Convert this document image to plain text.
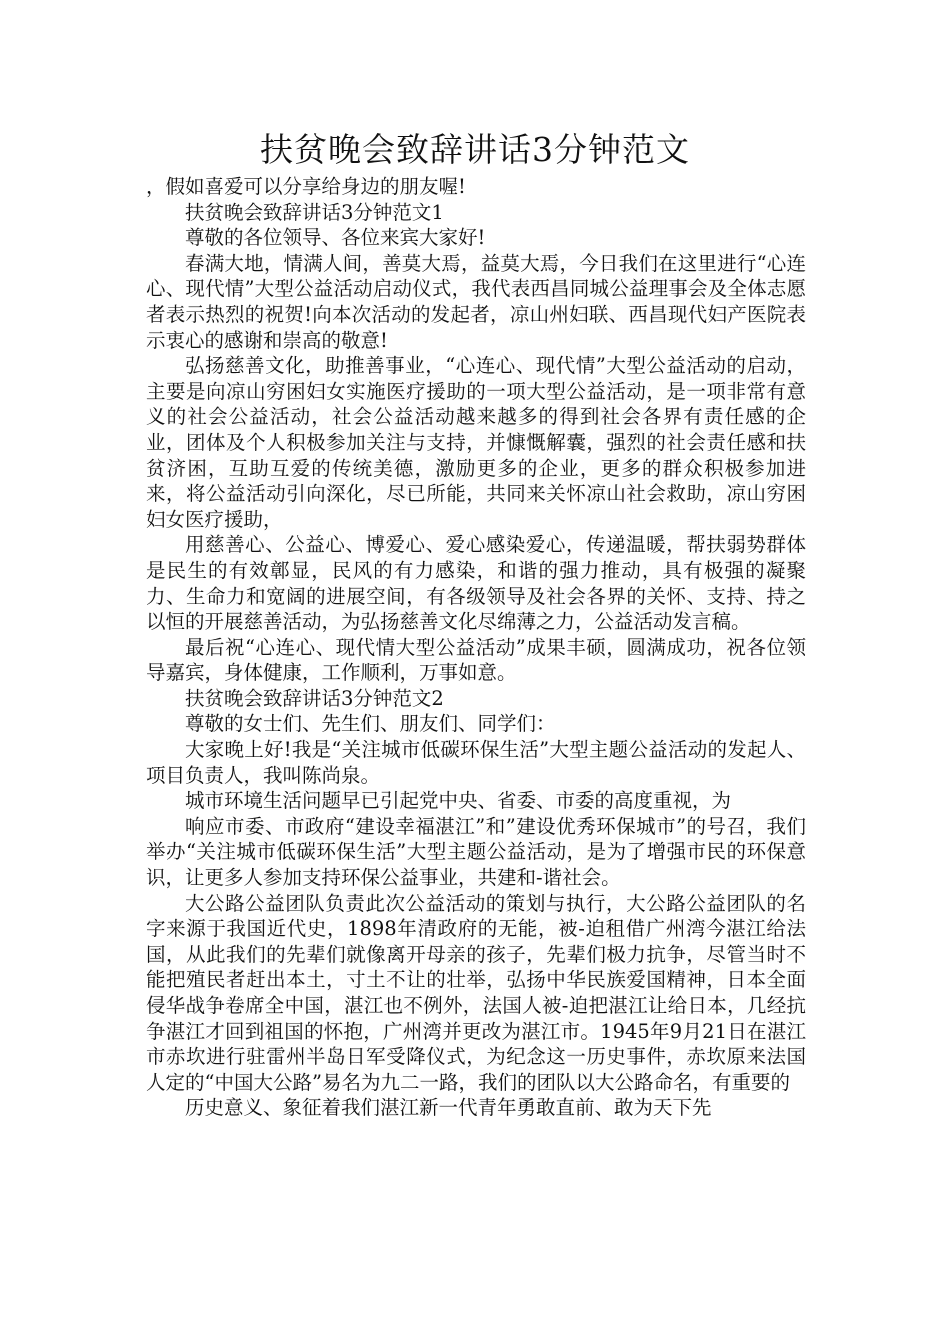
扶贫晚会致辞讲话3分钟范文

，假如喜爱可以分享给身边的朋友喔!

扶贫晚会致辞讲话3分钟范文1

尊敬的各位领导、各位来宾大家好!

春满大地，情满人间，善莫大焉，益莫大焉，今日我们在这里进行“心连心、现代情”大型公益活动启动仪式，我代表西昌同城公益理事会及全体志愿者表示热烈的祝贺!向本次活动的发起者，凉山州妇联、西昌现代妇产医院表示衷心的感谢和崇高的敬意!

弘扬慈善文化，助推善事业，“心连心、现代情”大型公益活动的启动，主要是向凉山穷困妇女实施医疗援助的一项大型公益活动，是一项非常有意义的社会公益活动，社会公益活动越来越多的得到社会各界有责任感的企业，团体及个人积极参加关注与支持，并慷慨解囊，强烈的社会责任感和扶贫济困，互助互爱的传统美德，激励更多的企业，更多的群众积极参加进来，将公益活动引向深化，尽已所能，共同来关怀凉山社会救助，凉山穷困妇女医疗援助，

用慈善心、公益心、博爱心、爱心感染爱心，传递温暖，帮扶弱势群体是民生的有效鄣显，民风的有力感染，和谐的强力推动，具有极强的凝聚力、生命力和宽阔的进展空间，有各级领导及社会各界的关怀、支持、持之以恒的开展慈善活动，为弘扬慈善文化尽绵薄之力，公益活动发言稿。

最后祝“心连心、现代情大型公益活动”成果丰硕，圆满成功，祝各位领导嘉宾，身体健康，工作顺利，万事如意。

扶贫晚会致辞讲话3分钟范文2

尊敬的女士们、先生们、朋友们、同学们：

大家晚上好!我是“关注城市低碳环保生活”大型主题公益活动的发起人、项目负责人，我叫陈尚泉。

城市环境生活问题早已引起党中央、省委、市委的高度重视，为

响应市委、市政府“建设幸福湛江”和”建设优秀环保城市”的号召，我们举办“关注城市低碳环保生活”大型主题公益活动，是为了增强市民的环保意识，让更多人参加支持环保公益事业，共建和-谐社会。

大公路公益团队负责此次公益活动的策划与执行，大公路公益团队的名字来源于我国近代史，1898年清政府的无能，被-迫租借广州湾今湛江给法国，从此我们的先辈们就像离开母亲的孩子，先辈们极力抗争，尽管当时不能把殖民者赶出本土，寸土不让的壮举，弘扬中华民族爱国精神，日本全面侵华战争卷席全中国，湛江也不例外，法国人被-迫把湛江让给日本，几经抗争湛江才回到祖国的怀抱，广州湾并更改为湛江市。1945年9月21日在湛江市赤坎进行驻雷州半岛日军受降仪式，为纪念这一历史事件，赤坎原来法国人定的“中国大公路”易名为九二一路，我们的团队以大公路命名，有重要的

历史意义、象征着我们湛江新一代青年勇敢直前、敢为天下先
